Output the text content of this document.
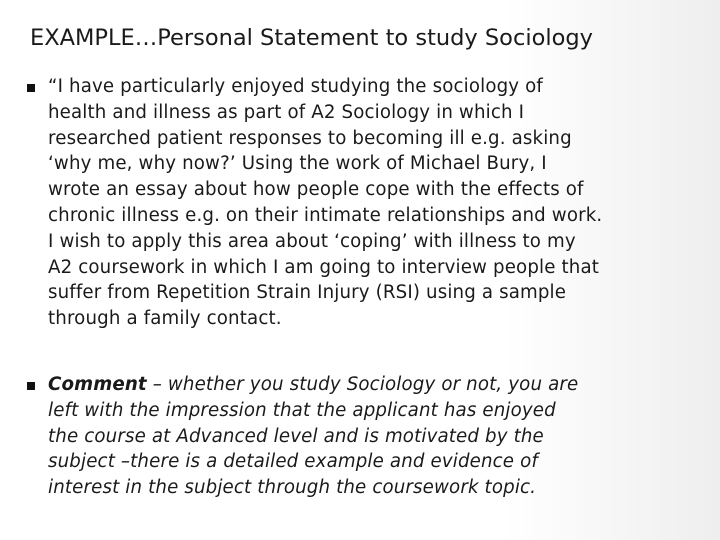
EXAMPLE…Personal Statement to study Sociology
“I have particularly enjoyed studying the sociology of
health and illness as part of A2 Sociology in which I
researched patient responses to becoming ill e.g. asking
‘why me, why now?’ Using the work of Michael Bury, I
wrote an essay about how people cope with the effects of
chronic illness e.g. on their intimate relationships and work.
I wish to apply this area about ‘coping’ with illness to my
A2 coursework in which I am going to interview people that
suffer from Repetition Strain Injury (RSI) using a sample
through a family contact.
Comment – whether you study Sociology or not, you are
left with the impression that the applicant has enjoyed
the course at Advanced level and is motivated by the
subject –there is a detailed example and evidence of
interest in the subject through the coursework topic.
